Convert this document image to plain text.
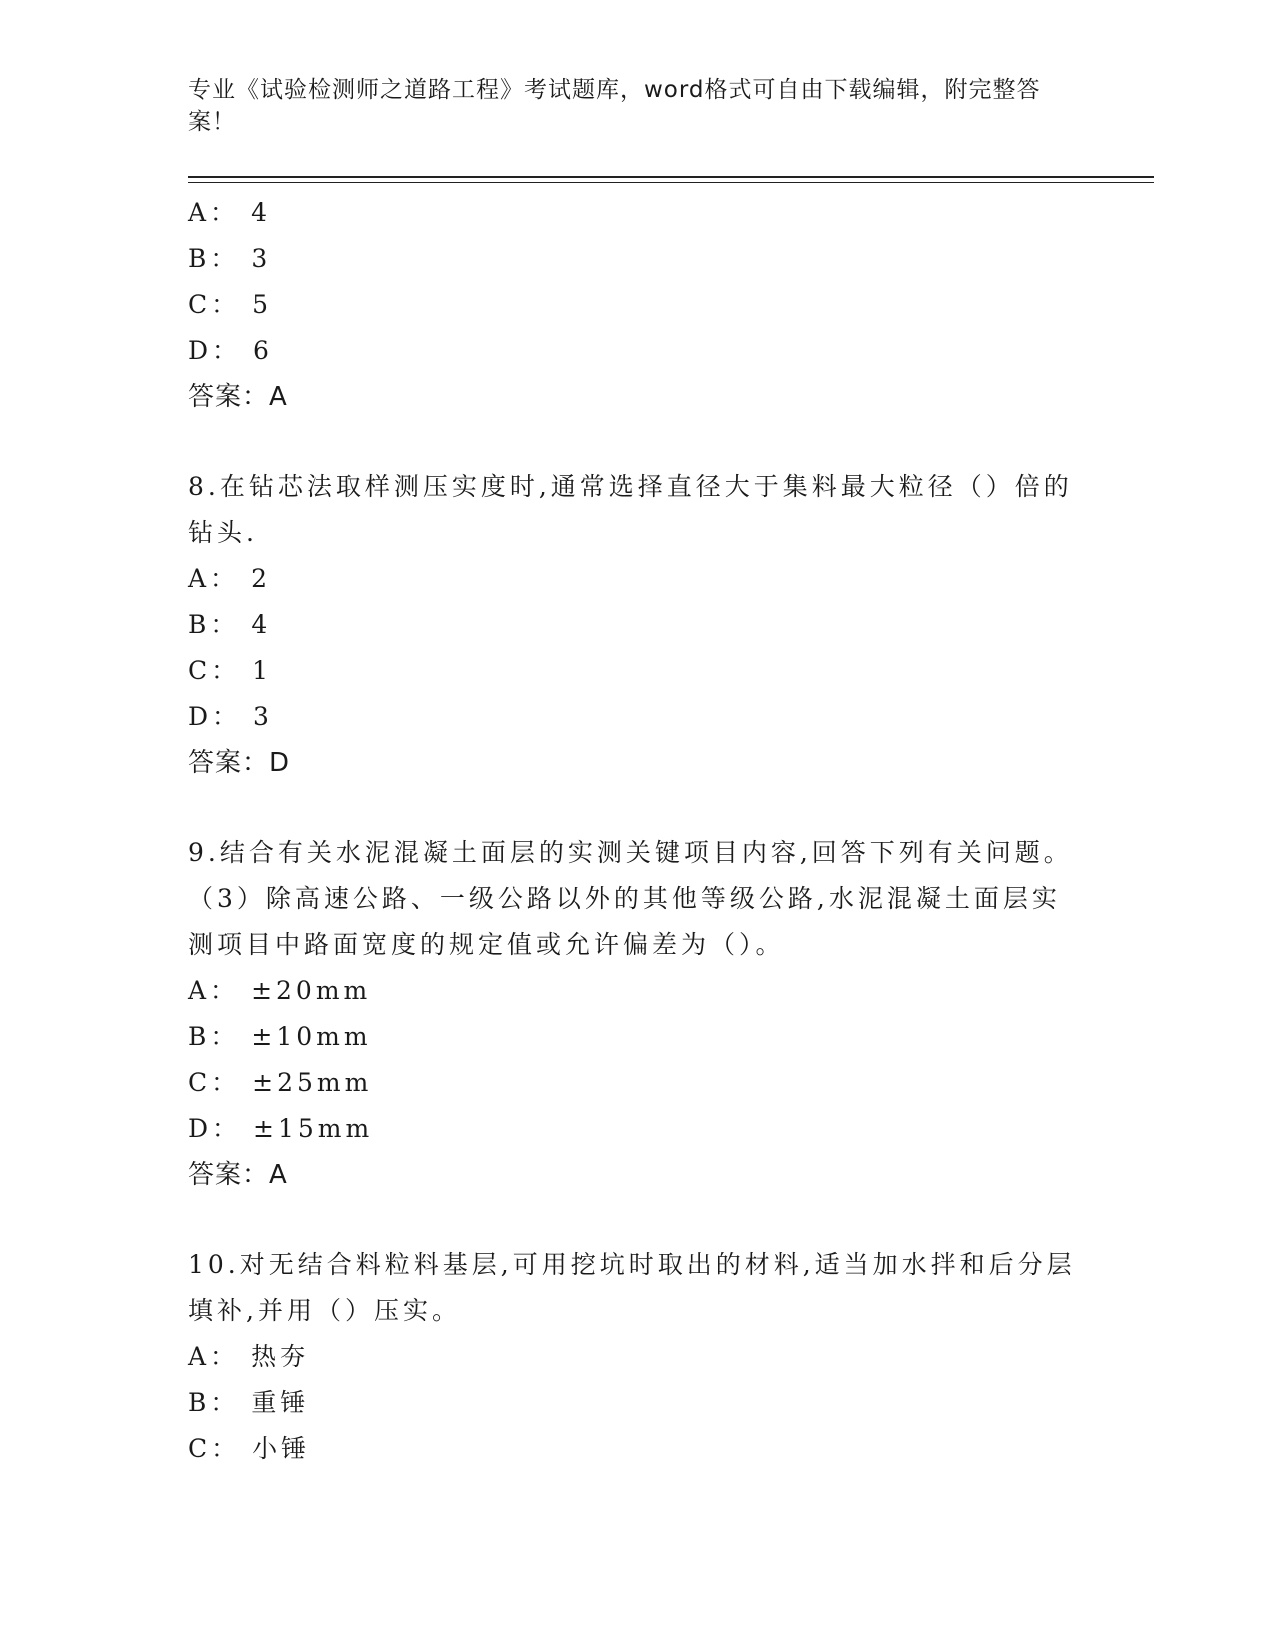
专业《试验检测师之道路工程》考试题库，word格式可自由下载编辑，附完整答案！
A： 4
B： 3
C： 5
D： 6
答案：A
8.在钻芯法取样测压实度时,通常选择直径大于集料最大粒径（）倍的
钻头.
A： 2
B： 4
C： 1
D： 3
答案：D
9.结合有关水泥混凝土面层的实测关键项目内容,回答下列有关问题。
（3）除高速公路、一级公路以外的其他等级公路,水泥混凝土面层实
测项目中路面宽度的规定值或允许偏差为（）。
A： ±20mm
B： ±10mm
C： ±25mm
D： ±15mm
答案：A
10.对无结合料粒料基层,可用挖坑时取出的材料,适当加水拌和后分层
填补,并用（）压实。
A： 热夯
B： 重锤
C： 小锤
